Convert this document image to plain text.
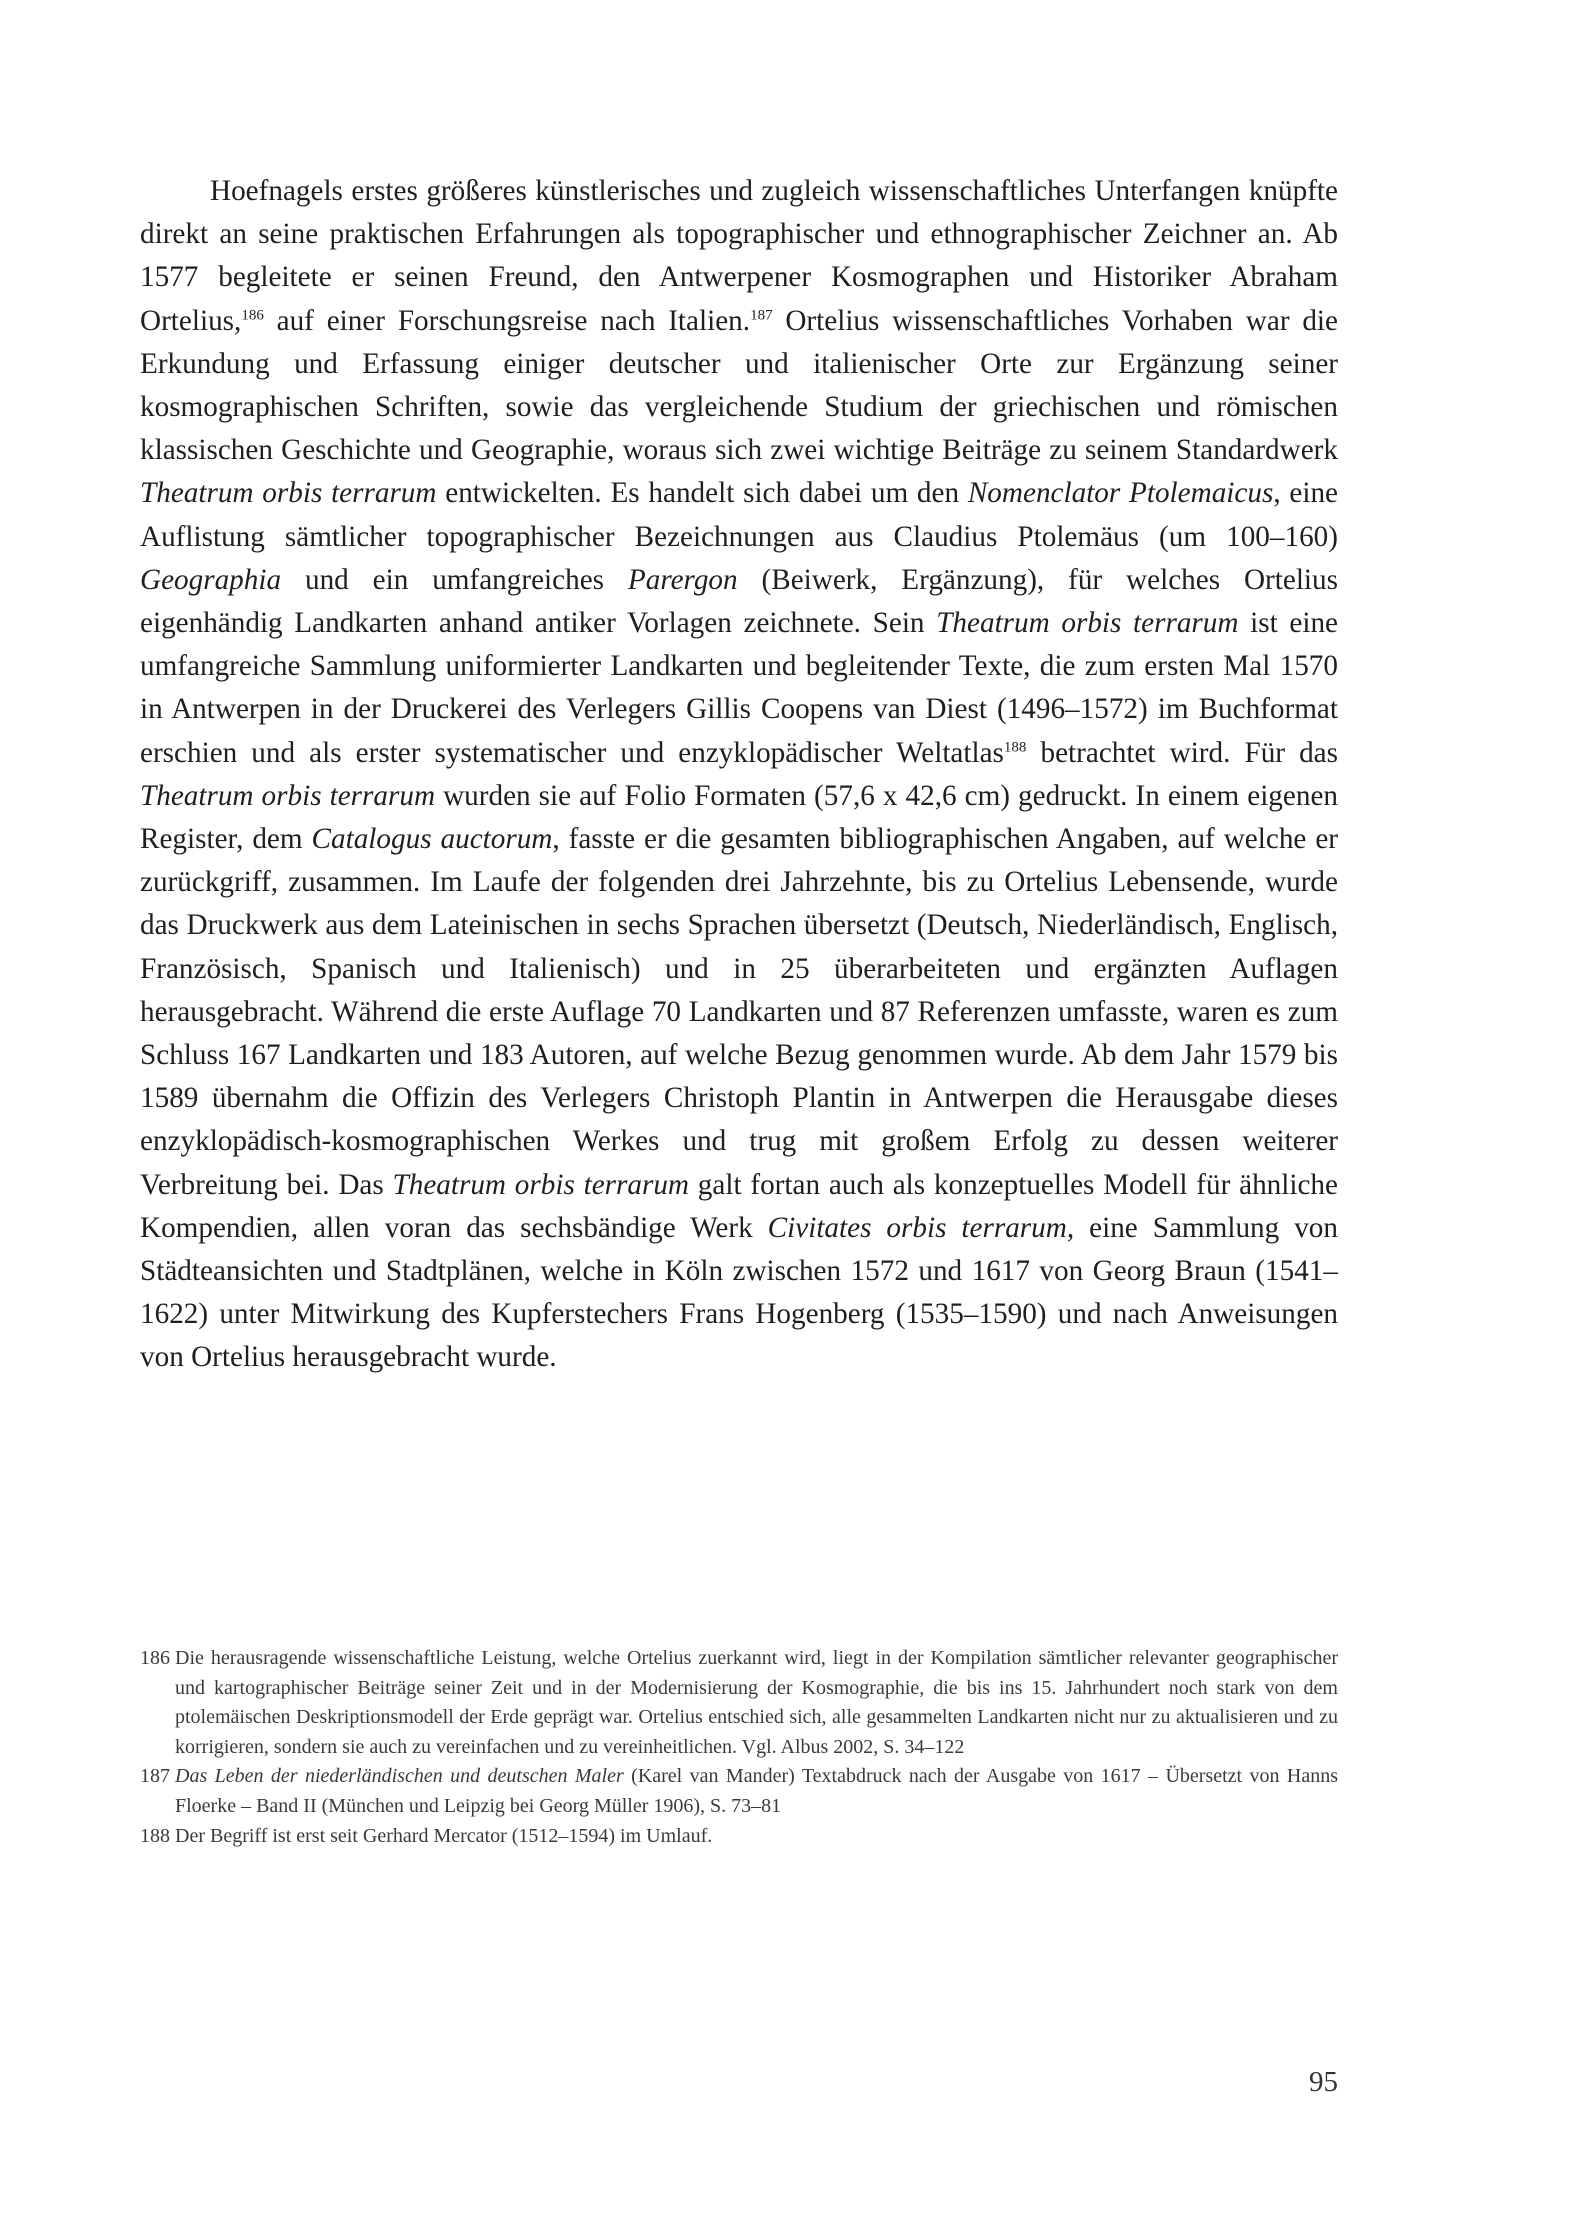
Hoefnagels erstes größeres künstlerisches und zugleich wissenschaftliches Unterfangen knüpfte direkt an seine praktischen Erfahrungen als topographischer und ethnographischer Zeichner an. Ab 1577 begleitete er seinen Freund, den Antwerpener Kosmographen und Historiker Abraham Ortelius,$^{186}$ auf einer Forschungsreise nach Italien.$^{187}$ Ortelius wissenschaftliches Vorhaben war die Erkundung und Erfassung einiger deutscher und italienischer Orte zur Ergänzung seiner kosmographischen Schriften, sowie das vergleichende Studium der griechischen und römischen klassischen Geschichte und Geographie, woraus sich zwei wichtige Beiträge zu seinem Standardwerk Theatrum orbis terrarum entwickelten. Es handelt sich dabei um den Nomenclator Ptolemaicus, eine Auflistung sämtlicher topographischer Bezeichnungen aus Claudius Ptolemäus (um 100–160) Geographia und ein umfangreiches Parergon (Beiwerk, Ergänzung), für welches Ortelius eigenhändig Landkarten anhand antiker Vorlagen zeichnete. Sein Theatrum orbis terrarum ist eine umfangreiche Sammlung uniformierter Landkarten und begleitender Texte, die zum ersten Mal 1570 in Antwerpen in der Druckerei des Verlegers Gillis Coopens van Diest (1496–1572) im Buchformat erschien und als erster systematischer und enzyklopädischer Weltatlas$^{188}$ betrachtet wird. Für das Theatrum orbis terrarum wurden sie auf Folio Formaten (57,6 x 42,6 cm) gedruckt. In einem eigenen Register, dem Catalogus auctorum, fasste er die gesamten bibliographischen Angaben, auf welche er zurückgriff, zusammen. Im Laufe der folgenden drei Jahrzehnte, bis zu Ortelius Lebensende, wurde das Druckwerk aus dem Lateinischen in sechs Sprachen übersetzt (Deutsch, Niederländisch, Englisch, Französisch, Spanisch und Italienisch) und in 25 überarbeiteten und ergänzten Auflagen herausgebracht. Während die erste Auflage 70 Landkarten und 87 Referenzen umfasste, waren es zum Schluss 167 Landkarten und 183 Autoren, auf welche Bezug genommen wurde. Ab dem Jahr 1579 bis 1589 übernahm die Offizin des Verlegers Christoph Plantin in Antwerpen die Herausgabe dieses enzyklopädisch-kosmographischen Werkes und trug mit großem Erfolg zu dessen weiterer Verbreitung bei. Das Theatrum orbis terrarum galt fortan auch als konzeptuelles Modell für ähnliche Kompendien, allen voran das sechsbändige Werk Civitates orbis terrarum, eine Sammlung von Städteansichten und Stadtplänen, welche in Köln zwischen 1572 und 1617 von Georg Braun (1541–1622) unter Mitwirkung des Kupferstechers Frans Hogenberg (1535–1590) und nach Anweisungen von Ortelius herausgebracht wurde.

186 Die herausragende wissenschaftliche Leistung, welche Ortelius zuerkannt wird, liegt in der Kompilation sämtlicher relevanter geographischer und kartographischer Beiträge seiner Zeit und in der Modernisierung der Kosmographie, die bis ins 15. Jahrhundert noch stark von dem ptolemäischen Deskriptionsmodell der Erde geprägt war. Ortelius entschied sich, alle gesammelten Landkarten nicht nur zu aktualisieren und zu korrigieren, sondern sie auch zu vereinfachen und zu vereinheitlichen. Vgl. Albus 2002, S. 34–122
187 Das Leben der niederländischen und deutschen Maler (Karel van Mander) Textabdruck nach der Ausgabe von 1617 – Übersetzt von Hanns Floerke – Band II (München und Leipzig bei Georg Müller 1906), S. 73–81
188 Der Begriff ist erst seit Gerhard Mercator (1512–1594) im Umlauf.
95
